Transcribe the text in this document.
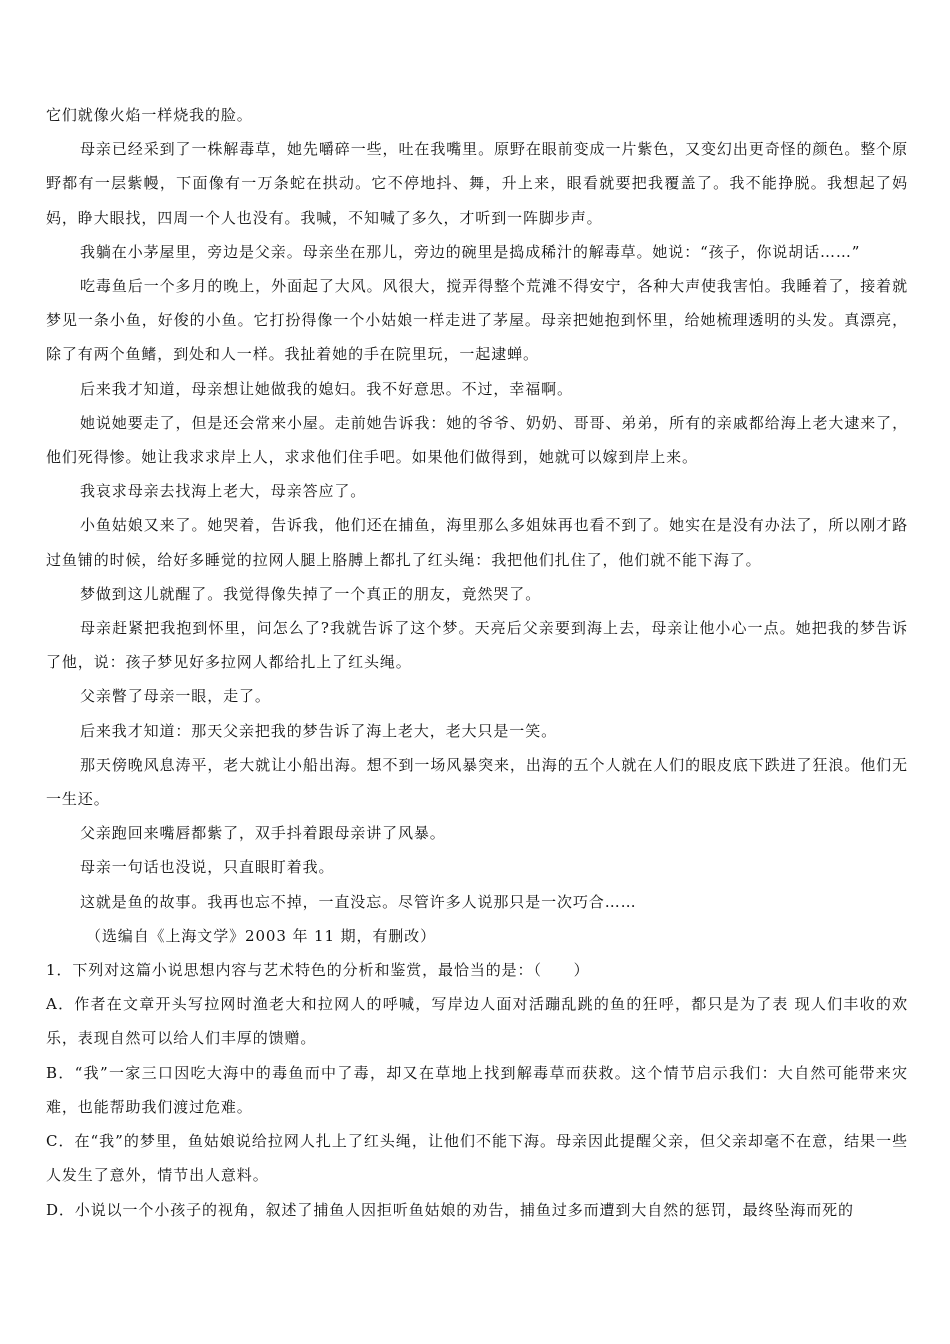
它们就像火焰一样烧我的脸。

母亲已经采到了一株解毒草，她先嚼碎一些，吐在我嘴里。原野在眼前变成一片紫色，又变幻出更奇怪的颜色。整个原野都有一层紫幔，下面像有一万条蛇在拱动。它不停地抖、舞，升上来，眼看就要把我覆盖了。我不能挣脱。我想起了妈妈，睁大眼找，四周一个人也没有。我喊，不知喊了多久，才听到一阵脚步声。

我躺在小茅屋里，旁边是父亲。母亲坐在那儿，旁边的碗里是捣成稀汁的解毒草。她说：“孩子，你说胡话……”

吃毒鱼后一个多月的晚上，外面起了大风。风很大，搅弄得整个荒滩不得安宁，各种大声使我害怕。我睡着了，接着就梦见一条小鱼，好俊的小鱼。它打扮得像一个小姑娘一样走进了茅屋。母亲把她抱到怀里，给她梳理透明的头发。真漂亮，除了有两个鱼鳍，到处和人一样。我扯着她的手在院里玩，一起逮蝉。

后来我才知道，母亲想让她做我的媳妇。我不好意思。不过，幸福啊。

她说她要走了，但是还会常来小屋。走前她告诉我：她的爷爷、奶奶、哥哥、弟弟，所有的亲戚都给海上老大逮来了，他们死得惨。她让我求求岸上人，求求他们住手吧。如果他们做得到，她就可以嫁到岸上来。

我哀求母亲去找海上老大，母亲答应了。

小鱼姑娘又来了。她哭着，告诉我，他们还在捕鱼，海里那么多姐妹再也看不到了。她实在是没有办法了，所以刚才路过鱼铺的时候，给好多睡觉的拉网人腿上胳膊上都扎了红头绳：我把他们扎住了，他们就不能下海了。

梦做到这儿就醒了。我觉得像失掉了一个真正的朋友，竟然哭了。

母亲赶紧把我抱到怀里，问怎么了?我就告诉了这个梦。天亮后父亲要到海上去，母亲让他小心一点。她把我的梦告诉了他，说：孩子梦见好多拉网人都给扎上了红头绳。

父亲瞥了母亲一眼，走了。

后来我才知道：那天父亲把我的梦告诉了海上老大，老大只是一笑。

那天傍晚风息涛平，老大就让小船出海。想不到一场风暴突来，出海的五个人就在人们的眼皮底下跌进了狂浪。他们无一生还。

父亲跑回来嘴唇都紫了，双手抖着跟母亲讲了风暴。

母亲一句话也没说，只直眼盯着我。

这就是鱼的故事。我再也忘不掉，一直没忘。尽管许多人说那只是一次巧合……

（选编自《上海文学》2003 年 11 期，有删改）

1．下列对这篇小说思想内容与艺术特色的分析和鉴赏，最恰当的是：（　　）

A．作者在文章开头写拉网时渔老大和拉网人的呼喊，写岸边人面对活蹦乱跳的鱼的狂呼，都只是为了表 现人们丰收的欢乐，表现自然可以给人们丰厚的馈赠。

B．“我”一家三口因吃大海中的毒鱼而中了毒，却又在草地上找到解毒草而获救。这个情节启示我们：大自然可能带来灾难，也能帮助我们渡过危难。

C．在“我”的梦里，鱼姑娘说给拉网人扎上了红头绳，让他们不能下海。母亲因此提醒父亲，但父亲却毫不在意，结果一些人发生了意外，情节出人意料。

D．小说以一个小孩子的视角，叙述了捕鱼人因拒听鱼姑娘的劝告，捕鱼过多而遭到大自然的惩罚，最终坠海而死的
